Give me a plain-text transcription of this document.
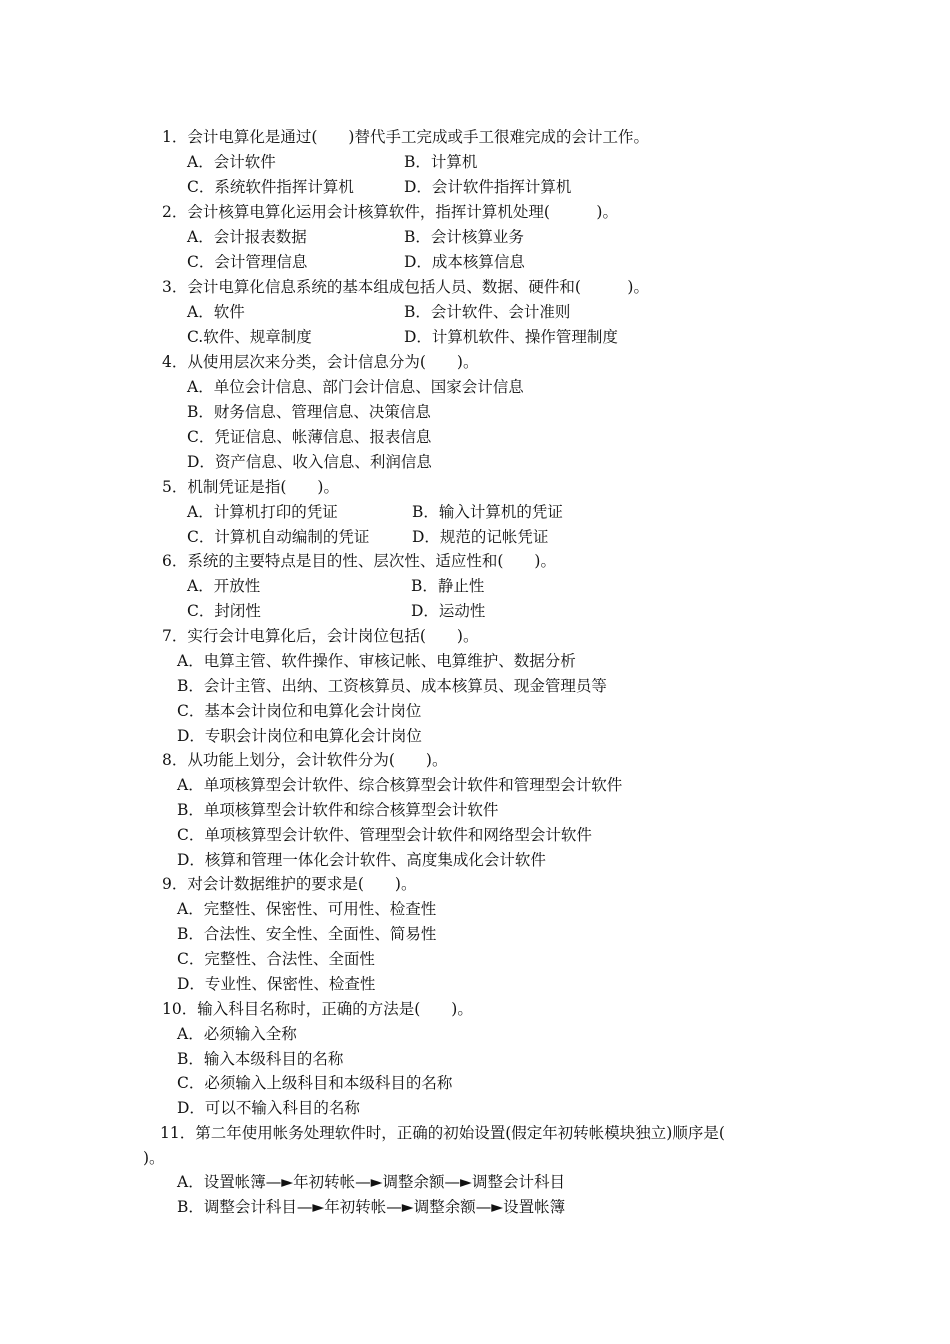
1．会计电算化是通过(　　)替代手工完成或手工很难完成的会计工作。
A．会计软件	B．计算机
C．系统软件指挥计算机	D．会计软件指挥计算机
2．会计核算电算化运用会计核算软件，指挥计算机处理(　　　)。
A．会计报表数据	B．会计核算业务
C．会计管理信息	D．成本核算信息
3．会计电算化信息系统的基本组成包括人员、数据、硬件和(　　　)。
A．软件	B．会计软件、会计准则
C.软件、规章制度	D．计算机软件、操作管理制度
4．从使用层次来分类，会计信息分为(　　)。
A．单位会计信息、部门会计信息、国家会计信息
B．财务信息、管理信息、决策信息
C．凭证信息、帐薄信息、报表信息
D．资产信息、收入信息、利润信息
5．机制凭证是指(　　)。
A．计算机打印的凭证	B．输入计算机的凭证
C．计算机自动编制的凭证	D．规范的记帐凭证
6．系统的主要特点是目的性、层次性、适应性和(　　)。
A．开放性	B．静止性
C．封闭性	D．运动性
7．实行会计电算化后，会计岗位包括(　　)。
A．电算主管、软件操作、审核记帐、电算维护、数据分析
B．会计主管、出纳、工资核算员、成本核算员、现金管理员等
C．基本会计岗位和电算化会计岗位
D．专职会计岗位和电算化会计岗位
8．从功能上划分，会计软件分为(　　)。
A．单项核算型会计软件、综合核算型会计软件和管理型会计软件
B．单项核算型会计软件和综合核算型会计软件
C．单项核算型会计软件、管理型会计软件和网络型会计软件
D．核算和管理一体化会计软件、高度集成化会计软件
9．对会计数据维护的要求是(　　)。
A．完整性、保密性、可用性、检查性
B．合法性、安全性、全面性、简易性
C．完整性、合法性、全面性
D．专业性、保密性、检查性
10．输入科目名称时，正确的方法是(　　)。
A．必须输入全称
B．输入本级科目的名称
C．必须输入上级科目和本级科目的名称
D．可以不输入科目的名称
11．第二年使用帐务处理软件时，正确的初始设置(假定年初转帐模块独立)顺序是(
)。
A．设置帐簿—►年初转帐—►调整余额—►调整会计科目
B．调整会计科目—►年初转帐—►调整余额—►设置帐簿
